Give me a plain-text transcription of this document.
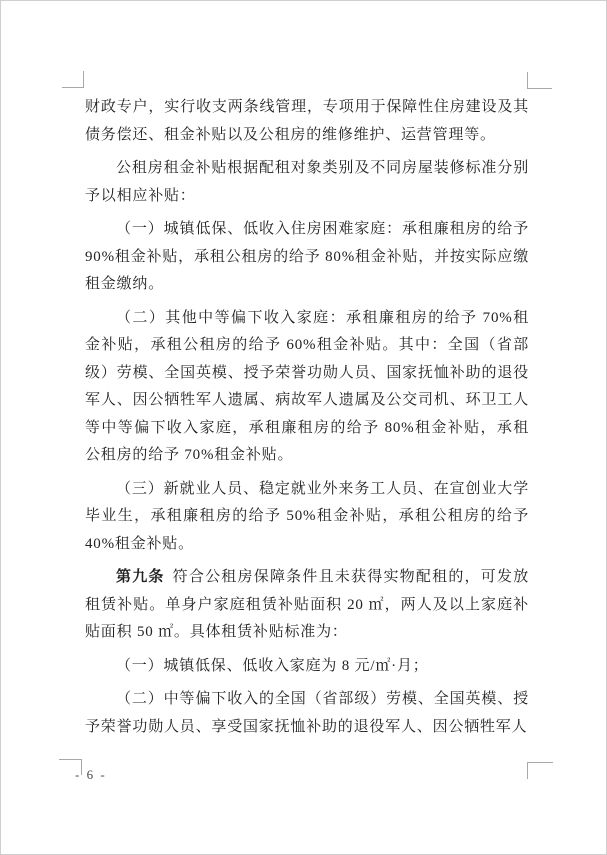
财政专户，实行收支两条线管理，专项用于保障性住房建设及其债务偿还、租金补贴以及公租房的维修维护、运营管理等。

公租房租金补贴根据配租对象类别及不同房屋装修标准分别予以相应补贴：

（一）城镇低保、低收入住房困难家庭：承租廉租房的给予 90%租金补贴，承租公租房的给予 80%租金补贴，并按实际应缴租金缴纳。

（二）其他中等偏下收入家庭：承租廉租房的给予 70%租金补贴，承租公租房的给予 60%租金补贴。其中：全国（省部级）劳模、全国英模、授予荣誉功勋人员、国家抚恤补助的退役军人、因公牺牲军人遗属、病故军人遗属及公交司机、环卫工人等中等偏下收入家庭，承租廉租房的给予 80%租金补贴，承租公租房的给予 70%租金补贴。

（三）新就业人员、稳定就业外来务工人员、在宣创业大学毕业生，承租廉租房的给予 50%租金补贴，承租公租房的给予 40%租金补贴。

第九条 符合公租房保障条件且未获得实物配租的，可发放租赁补贴。单身户家庭租赁补贴面积 20 ㎡，两人及以上家庭补贴面积 50 ㎡。具体租赁补贴标准为：

（一）城镇低保、低收入家庭为 8 元/㎡·月；

（二）中等偏下收入的全国（省部级）劳模、全国英模、授予荣誉功勋人员、享受国家抚恤补助的退役军人、因公牺牲军人

- 6 -
